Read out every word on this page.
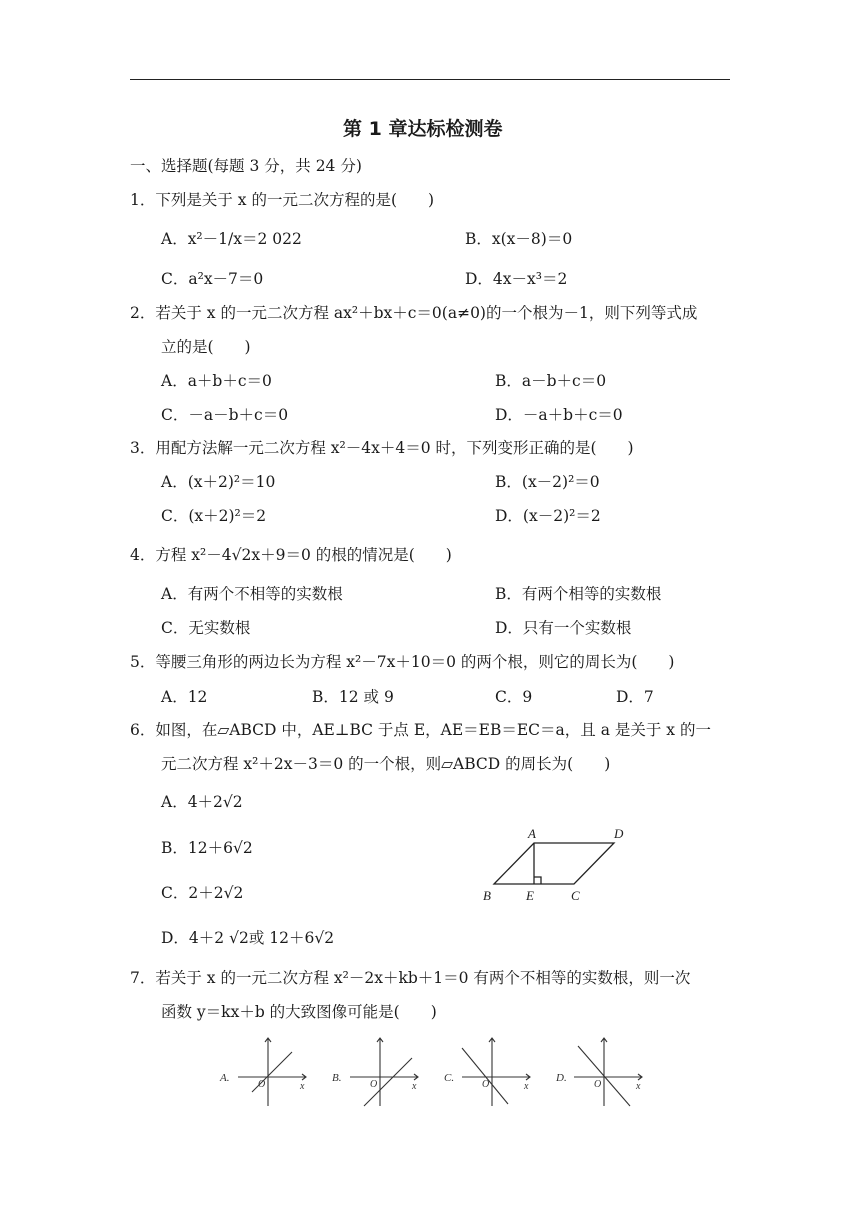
第 1 章达标检测卷
一、选择题(每题 3 分，共 24 分)
1．下列是关于 x 的一元二次方程的是(　　)
A．x²－1/x＝2 022	B．x(x－8)＝0
C．a²x－7＝0	D．4x－x³＝2
2．若关于 x 的一元二次方程 ax²＋bx＋c＝0(a≠0)的一个根为－1，则下列等式成
立的是(　　)
A．a＋b＋c＝0	B．a－b＋c＝0
C．－a－b＋c＝0	D．－a＋b＋c＝0
3．用配方法解一元二次方程 x²－4x＋4＝0 时，下列变形正确的是(　　)
A．(x＋2)²＝10	B．(x－2)²＝0
C．(x＋2)²＝2	D．(x－2)²＝2
4．方程 x²－4√2x＋9＝0 的根的情况是(　　)
A．有两个不相等的实数根	B．有两个相等的实数根
C．无实数根	D．只有一个实数根
5．等腰三角形的两边长为方程 x²－7x＋10＝0 的两个根，则它的周长为(　　)
A．12	B．12 或 9	C．9	D．7
6．如图，在▱ABCD 中，AE⊥BC 于点 E，AE＝EB＝EC＝a，且 a 是关于 x 的一
元二次方程 x²＋2x－3＝0 的一个根，则▱ABCD 的周长为(　　)
A．4＋2√2
B．12＋6√2
C．2＋2√2
D．4＋2 √2或 12＋6√2
A	D
B	E	C
7．若关于 x 的一元二次方程 x²－2x＋kb＋1＝0 有两个不相等的实数根，则一次
函数 y＝kx＋b 的大致图像可能是(　　)
A.
O	x
B.
O	x
C.
O	x
D.
O	x
